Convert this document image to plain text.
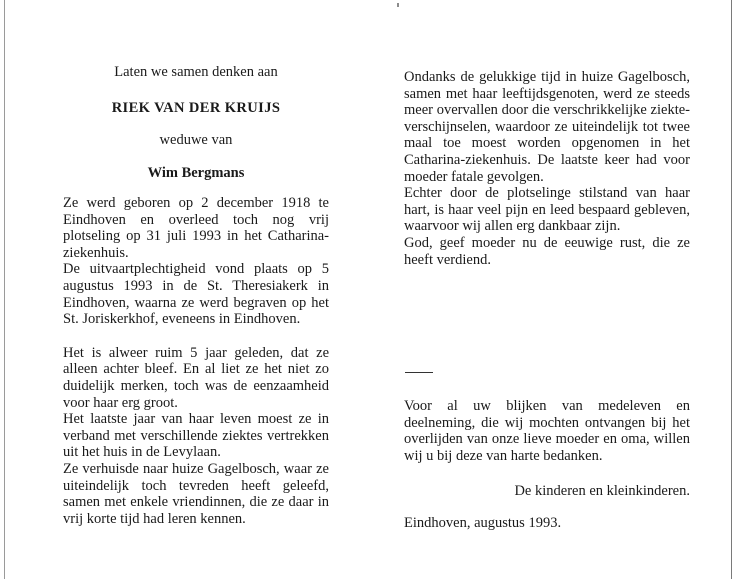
Laten we samen denken aan
RIEK VAN DER KRUIJS
weduwe van
Wim Bergmans

Ze werd geboren op 2 december 1918 te Eindhoven en overleed toch nog vrij plotseling op 31 juli 1993 in het Catharina-ziekenhuis.

De uitvaartplechtigheid vond plaats op 5 augustus 1993 in de St. Theresiakerk in Eindhoven, waarna ze werd begraven op het St. Joriskerkhof, eveneens in Eindhoven.

Het is alweer ruim 5 jaar geleden, dat ze alleen achter bleef. En al liet ze het niet zo duidelijk merken, toch was de eenzaamheid voor haar erg groot.

Het laatste jaar van haar leven moest ze in verband met verschillende ziektes vertrekken uit het huis in de Levylaan.

Ze verhuisde naar huize Gagelbosch, waar ze uiteindelijk toch tevreden heeft geleefd, samen met enkele vriendinnen, die ze daar in vrij korte tijd had leren kennen.

Ondanks de gelukkige tijd in huize Gagelbosch, samen met haar leeftijdsgenoten, werd ze steeds meer overvallen door die verschrikkelijke ziekte-verschijnselen, waardoor ze uiteindelijk tot twee maal toe moest worden opgenomen in het Catharina-ziekenhuis. De laatste keer had voor moeder fatale gevolgen.

Echter door de plotselinge stilstand van haar hart, is haar veel pijn en leed bespaard gebleven, waarvoor wij allen erg dankbaar zijn.

God, geef moeder nu de eeuwige rust, die ze heeft verdiend.

Voor al uw blijken van medeleven en deelneming, die wij mochten ontvangen bij het overlijden van onze lieve moeder en oma, willen wij u bij deze van harte bedanken.
De kinderen en kleinkinderen.
Eindhoven, augustus 1993.
